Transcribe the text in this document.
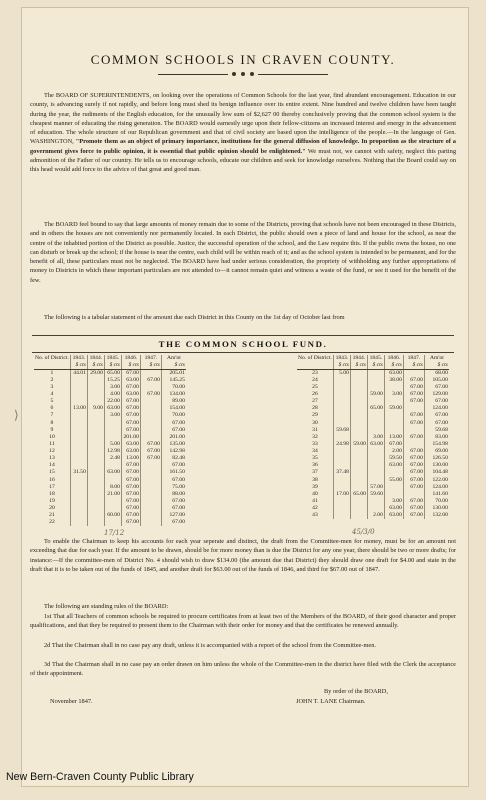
COMMON SCHOOLS IN CRAVEN COUNTY.

The BOARD OF SUPERINTENDENTS, on looking over the operations of Common Schools for the last year, find abundant encouragement. Education in our county, is advancing surely if not rapidly, and before long must shed its benign influence over its entire extent. Nine hundred and twelve children have been taught during the year, the rudiments of the English education, for the unusually low sum of $2,627 00 thereby conclusively proving that the common school system is the cheapest manner of educating the rising generation. The BOARD would earnestly urge upon their fellow-citizens an increased interest and energy in the advancement of education. The whole structure of our Republican government and that of civil society are based upon the intelligence of the people.—In the language of Gen. WASHINGTON, "Promote them as an object of primary importance, institutions for the general diffusion of knowledge. In proportion as the structure of a government gives force to public opinion, it is essential that public opinion should be enlightened." We must not, we cannot with safety, neglect this parting admonition of the Father of our country. He tells us to encourage schools, educate our children and seek for knowledge ourselves. Nothing that the Board could say on this head would add force to the advice of that great and good man.

The BOARD feel bound to say that large amounts of money remain due to some of the Districts, proving that schools have not been encouraged in these Districts, and in others the houses are not conveniently nor permanently located. In each District, the public should own a piece of land and house for the school, as near the centre of the inhabited portion of the District as possible. Justice, the successful operation of the school, and the Law require this. If the public owns the house, no one can disturb or break up the school; if the house is near the centre, each child will be within reach of it; and as the school system is intended to be permanent, and for the benefit of all, these particulars must not be neglected. The BOARD have had under serious consideration, the propriety of withholding any further appropriations of money to Districts in which these important particulars are not attended to—it cannot remain quiet and witness a waste of the fund, or see it used for the benefit of the few.

The following is a tabular statement of the amount due each District in this County on the 1st day of October last from

THE COMMON SCHOOL FUND.
No. of District.	1843.	1844.	1845.	1846.	1847.	Am'nt
	$ cts	$ cts	$ cts	$ cts	$ cts	$ cts
1	44.01	29.00	65.00	67.00		205.01
2			15.25	63.00	67.00	145.25
3			3.00	67.00		70.00
4			4.00	63.00	67.00	134.00
5			22.00	67.00		89.00
6	13.00	9.00	63.00	67.00		154.00
7			3.00	67.00		70.00
8				67.00		67.00
9				67.00		67.00
10				201.00		201.00
11			5.00	63.00	67.00	135.00
12			12.98	63.00	67.00	142.98
13			2.48	13.00	67.00	82.48
14				67.00		67.00
15	31.50		63.00	67.00		161.50
16				67.00		67.00
17			8.00	67.00		75.00
18			21.00	67.00		88.00
19				67.00		67.00
20				67.00		67.00
21			60.00	67.00		127.00
22				67.00		67.00
No. of District.	1843.	1844.	1845.	1846.	1847.	Am'nt
	$ cts	$ cts	$ cts	$ cts	$ cts	$ cts
23	5.00			63.00		68.00
24				38.00	67.00	105.00
25					67.00	67.00
26			59.00	3.00	67.00	129.00
27					67.00	67.00
28			65.00	59.00		124.00
29					67.00	67.00
30					67.00	67.00
31	59.68					59.68
32			3.00	13.00	67.00	83.00
33	24.98	59.00	63.00	67.00		154.98
34				2.00	67.00	69.00
35				59.50	67.00	126.50
36				63.00	67.00	130.00
37	37.48				67.00	104.48
38				55.00	67.00	122.00
39			57.00		67.00	124.00
40	17.00	65.00	59.60			141.60
41				3.00	67.00	70.00
42				63.00	67.00	130.00
43			2.00	63.00	67.00	132.00
17/12	45/3/0

To enable the Chairman to keep his accounts for each year seperate and distinct, the draft from the Committee-men for money, must be for an amount not exceeding that due for each year. If the amount to be drawn, should be for more money than is due the District for any one year, there should be two or more drafts; for instance:—If the committee-men of District No. 4 should wish to draw $134.00 (the amount due that District) they should draw one draft for $4.00 and state in the draft that it is to be taken out of the funds of 1845, and another draft for $63.00 out of the funds of 1846, and third for $67.00 out of 1847.

The following are standing rules of the BOARD:

1st That all Teachers of common schools be required to procure certificates from at least two of the Members of the BOARD, of their good character and proper qualifications, and that they be required to present them to the Chairman with their order for money and that the certificates be renewed annually.

2d That the Chairman shall in no case pay any draft, unless it is accompanied with a report of the school from the Committee-men.

3d That the Chairman shall in no case pay an order drawn on him unless the whole of the Committee-men in the district have filed with the Clerk the acceptance of their appointment.

By order of the BOARD,
November 1847.	JOHN T. LANE Chairman.
⟩
New Bern-Craven County Public Library
